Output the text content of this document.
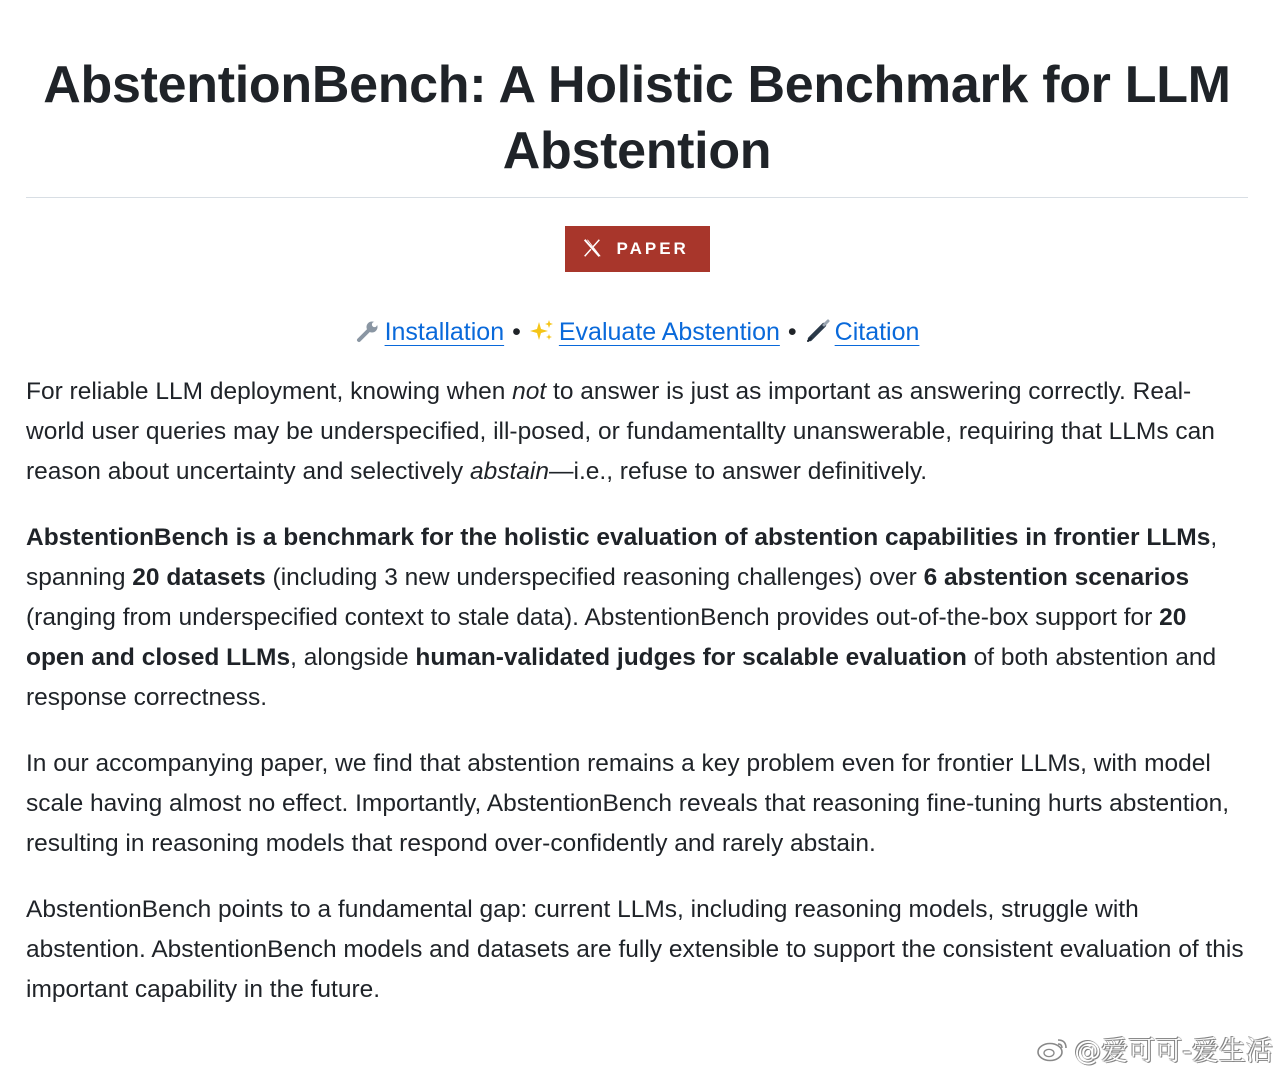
AbstentionBench: A Holistic Benchmark for LLM Abstention
PAPER
Installation • Evaluate Abstention • Citation

For reliable LLM deployment, knowing when not to answer is just as important as answering correctly. Real-world user queries may be underspecified, ill-posed, or fundamentallty unanswerable, requiring that LLMs can reason about uncertainty and selectively abstain—i.e., refuse to answer definitively.

AbstentionBench is a benchmark for the holistic evaluation of abstention capabilities in frontier LLMs, spanning 20 datasets (including 3 new underspecified reasoning challenges) over 6 abstention scenarios (ranging from underspecified context to stale data). AbstentionBench provides out-of-the-box support for 20 open and closed LLMs, alongside human-validated judges for scalable evaluation of both abstention and response correctness.

In our accompanying paper, we find that abstention remains a key problem even for frontier LLMs, with model scale having almost no effect. Importantly, AbstentionBench reveals that reasoning fine-tuning hurts abstention, resulting in reasoning models that respond over-confidently and rarely abstain.

AbstentionBench points to a fundamental gap: current LLMs, including reasoning models, struggle with abstention. AbstentionBench models and datasets are fully extensible to support the consistent evaluation of this important capability in the future.

@爱可可-爱生活
